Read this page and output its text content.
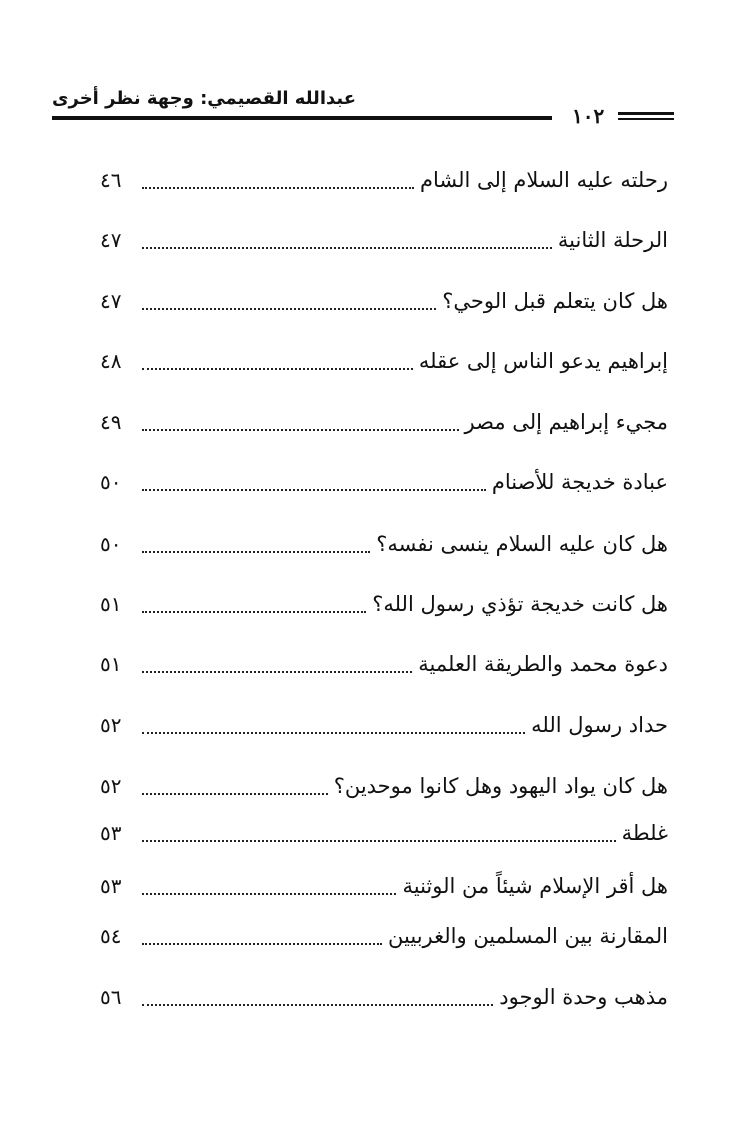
عبدالله القصيمي: وجهة نظر أخرى
١٠٢
رحلته عليه السلام إلى الشام
٤٦
الرحلة الثانية
٤٧
هل كان يتعلم قبل الوحي؟
٤٧
إبراهيم يدعو الناس إلى عقله
٤٨
مجيء إبراهيم إلى مصر
٤٩
عبادة خديجة للأصنام
٥٠
هل كان عليه السلام ينسى نفسه؟
٥٠
هل كانت خديجة تؤذي رسول الله؟
٥١
دعوة محمد والطريقة العلمية
٥١
حداد رسول الله
٥٢
هل كان يواد اليهود وهل كانوا موحدين؟
٥٢
غلطة
٥٣
هل أقر الإسلام شيئاً من الوثنية
٥٣
المقارنة بين المسلمين والغربيين
٥٤
مذهب وحدة الوجود
٥٦
